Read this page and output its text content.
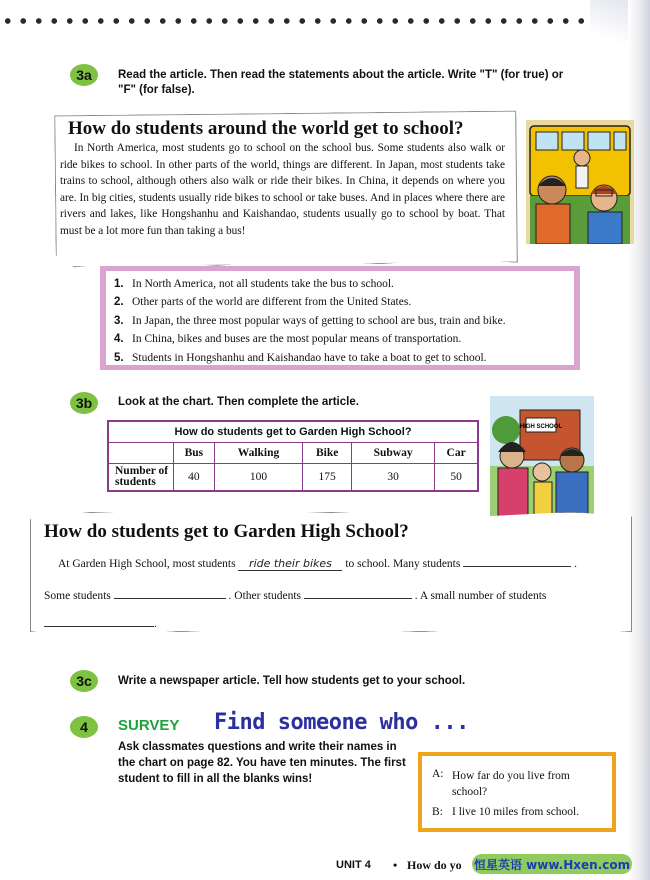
3a	Read the article. Then read the statements about the article. Write "T" (for true) or "F" (for false).
How do students around the world get to school?
In North America, most students go to school on the school bus. Some students also walk or ride bikes to school. In other parts of the world, things are different. In Japan, most students take trains to school, although others also walk or ride their bikes. In China, it depends on where you are. In big cities, students usually ride bikes to school or take buses. And in places where there are rivers and lakes, like Hongshanhu and Kaishandao, students usually go to school by boat. That must be a lot more fun than taking a bus!
1. In North America, not all students take the bus to school.
2. Other parts of the world are different from the United States.
3. In Japan, the three most popular ways of getting to school are bus, train and bike.
4. In China, bikes and buses are the most popular means of transportation.
5. Students in Hongshanhu and Kaishandao have to take a boat to get to school.
3b	Look at the chart. Then complete the article.
How do students get to Garden High School?					
	Bus	Walking	Bike	Subway	Car
Number of students	40	100	175	30	50
HIGH SCHOOL
How do students get to Garden High School?
At Garden High School, most students ride their bikes to school. Many students	.
Some students	. Other students	. A small number of students
.
3c	Write a newspaper article. Tell how students get to your school.
4	SURVEY Find someone who ...
Ask classmates questions and write their names in the chart on page 82. You have ten minutes. The first student to fill in all the blanks wins!	A: How far do you live from school?
B: I live 10 miles from school.
UNIT 4 • How do yo 恒星英语 www.Hxen.com
